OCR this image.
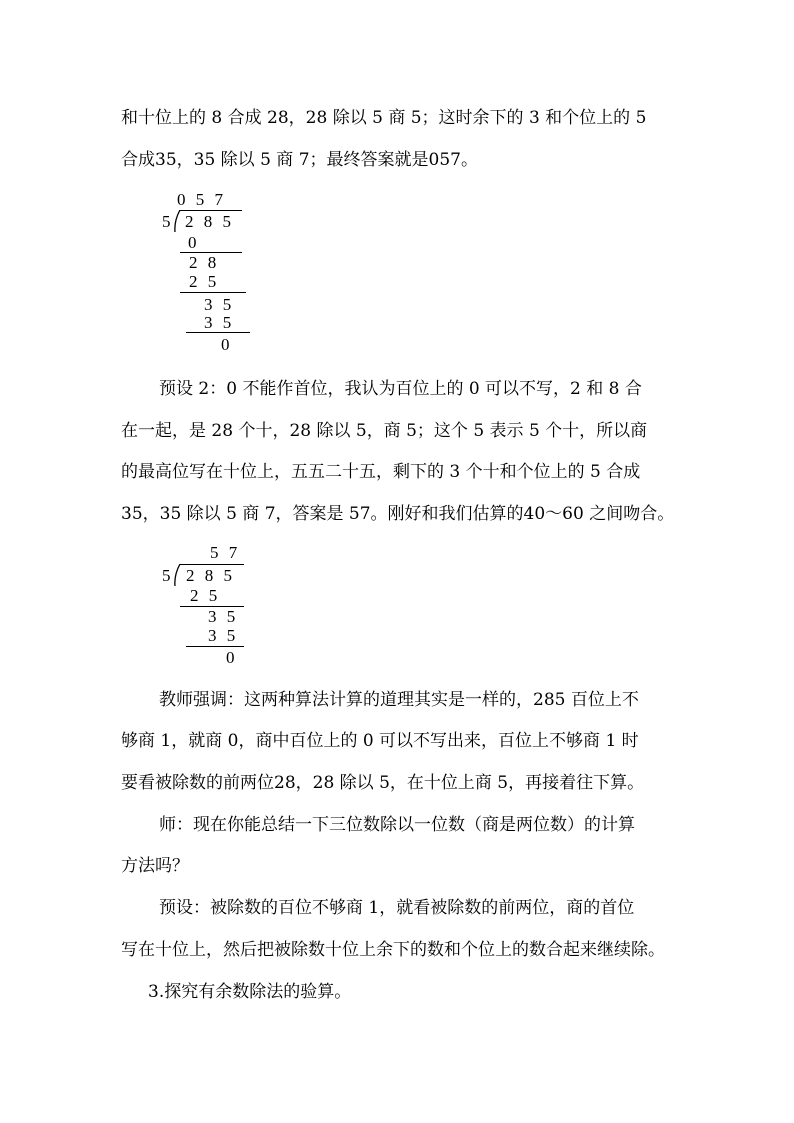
和十位上的 8 合成 28，28 除以 5 商 5；这时余下的 3 和个位上的 5
合成35，35 除以 5 商 7；最终答案就是057。
0 5 7
5 2 8 5
0
2 8
2 5
3 5
3 5
0
预设 2：0 不能作首位，我认为百位上的 0 可以不写，2 和 8 合
在一起，是 28 个十，28 除以 5，商 5；这个 5 表示 5 个十，所以商
的最高位写在十位上，五五二十五，剩下的 3 个十和个位上的 5 合成
35，35 除以 5 商 7，答案是 57。刚好和我们估算的40～60 之间吻合。
5 7
5 2 8 5
2 5
3 5
3 5
0
教师强调：这两种算法计算的道理其实是一样的，285 百位上不
够商 1，就商 0，商中百位上的 0 可以不写出来，百位上不够商 1 时
要看被除数的前两位28，28 除以 5，在十位上商 5，再接着往下算。
师：现在你能总结一下三位数除以一位数（商是两位数）的计算
方法吗？
预设：被除数的百位不够商 1，就看被除数的前两位，商的首位
写在十位上，然后把被除数十位上余下的数和个位上的数合起来继续除。
3.探究有余数除法的验算。
